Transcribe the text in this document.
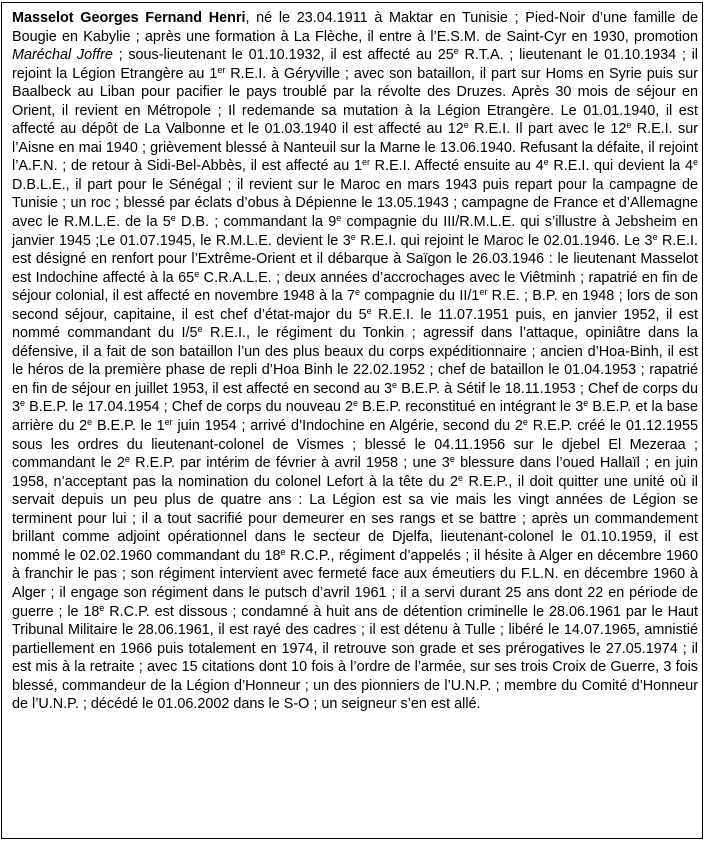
Masselot Georges Fernand Henri, né le 23.04.1911 à Maktar en Tunisie ; Pied-Noir d’une famille de Bougie en Kabylie ; après une formation à La Flèche, il entre à l’E.S.M. de Saint-Cyr en 1930, promotion Maréchal Joffre ; sous-lieutenant le 01.10.1932, il est affecté au 25e R.T.A. ; lieutenant le 01.10.1934 ; il rejoint la Légion Etrangère au 1er R.E.I. à Géryville ; avec son bataillon, il part sur Homs en Syrie puis sur Baalbeck au Liban pour pacifier le pays troublé par la révolte des Druzes. Après 30 mois de séjour en Orient, il revient en Métropole ; Il redemande sa mutation à la Légion Etrangère. Le 01.01.1940, il est affecté au dépôt de La Valbonne et le 01.03.1940 il est affecté au 12e R.E.I. Il part avec le 12e R.E.I. sur l’Aisne en mai 1940 ; grièvement blessé à Nanteuil sur la Marne le 13.06.1940. Refusant la défaite, il rejoint l’A.F.N. ; de retour à Sidi-Bel-Abbès, il est affecté au 1er R.E.I. Affecté ensuite au 4e R.E.I. qui devient la 4e D.B.L.E., il part pour le Sénégal ; il revient sur le Maroc en mars 1943 puis repart pour la campagne de Tunisie ; un roc ; blessé par éclats d’obus à Dépienne le 13.05.1943 ; campagne de France et d’Allemagne avec le R.M.L.E. de la 5e D.B. ; commandant la 9e compagnie du III/R.M.L.E. qui s’illustre à Jebsheim en janvier 1945 ;Le 01.07.1945, le R.M.L.E. devient le 3e R.E.I. qui rejoint le Maroc le 02.01.1946. Le 3e R.E.I. est désigné en renfort pour l’Extrême-Orient et il débarque à Saïgon le 26.03.1946 : le lieutenant Masselot est Indochine affecté à la 65e C.R.A.L.E. ; deux années d’accrochages avec le Viêtminh ; rapatrié en fin de séjour colonial, il est affecté en novembre 1948 à la 7e compagnie du II/1er R.E. ; B.P. en 1948 ; lors de son second séjour, capitaine, il est chef d’état-major du 5e R.E.I. le 11.07.1951 puis, en janvier 1952, il est nommé commandant du I/5e R.E.I., le régiment du Tonkin ; agressif dans l’attaque, opiniâtre dans la défensive, il a fait de son bataillon l’un des plus beaux du corps expéditionnaire ; ancien d’Hoa-Binh, il est le héros de la première phase de repli d’Hoa Binh le 22.02.1952 ; chef de bataillon le 01.04.1953 ; rapatrié en fin de séjour en juillet 1953, il est affecté en second au 3e B.E.P. à Sétif le 18.11.1953 ; Chef de corps du 3e B.E.P. le 17.04.1954 ; Chef de corps du nouveau 2e B.E.P. reconstitué en intégrant le 3e B.E.P. et la base arrière du 2e B.E.P. le 1er juin 1954 ; arrivé d’Indochine en Algérie, second du 2e R.E.P. créé le 01.12.1955 sous les ordres du lieutenant-colonel de Vismes ; blessé le 04.11.1956 sur le djebel El Mezeraa ; commandant le 2e R.E.P. par intérim de février à avril 1958 ; une 3e blessure dans l’oued Hallaïl ; en juin 1958, n’acceptant pas la nomination du colonel Lefort à la tête du 2e R.E.P., il doit quitter une unité où il servait depuis un peu plus de quatre ans : La Légion est sa vie mais les vingt années de Légion se terminent pour lui ; il a tout sacrifié pour demeurer en ses rangs et se battre ; après un commandement brillant comme adjoint opérationnel dans le secteur de Djelfa, lieutenant-colonel le 01.10.1959, il est nommé le 02.02.1960 commandant du 18e R.C.P., régiment d’appelés ; il hésite à Alger en décembre 1960 à franchir le pas ; son régiment intervient avec fermeté face aux émeutiers du F.L.N. en décembre 1960 à Alger ; il engage son régiment dans le putsch d’avril 1961 ; il a servi durant 25 ans dont 22 en période de guerre ; le 18e R.C.P. est dissous ; condamné à huit ans de détention criminelle le 28.06.1961 par le Haut Tribunal Militaire le 28.06.1961, il est rayé des cadres ; il est détenu à Tulle ; libéré le 14.07.1965, amnistié partiellement en 1966 puis totalement en 1974, il retrouve son grade et ses prérogatives le 27.05.1974 ; il est mis à la retraite ; avec 15 citations dont 10 fois à l’ordre de l’armée, sur ses trois Croix de Guerre, 3 fois blessé, commandeur de la Légion d’Honneur ; un des pionniers de l’U.N.P. ; membre du Comité d’Honneur de l’U.N.P. ; décédé le 01.06.2002 dans le S-O ; un seigneur s’en est allé.
